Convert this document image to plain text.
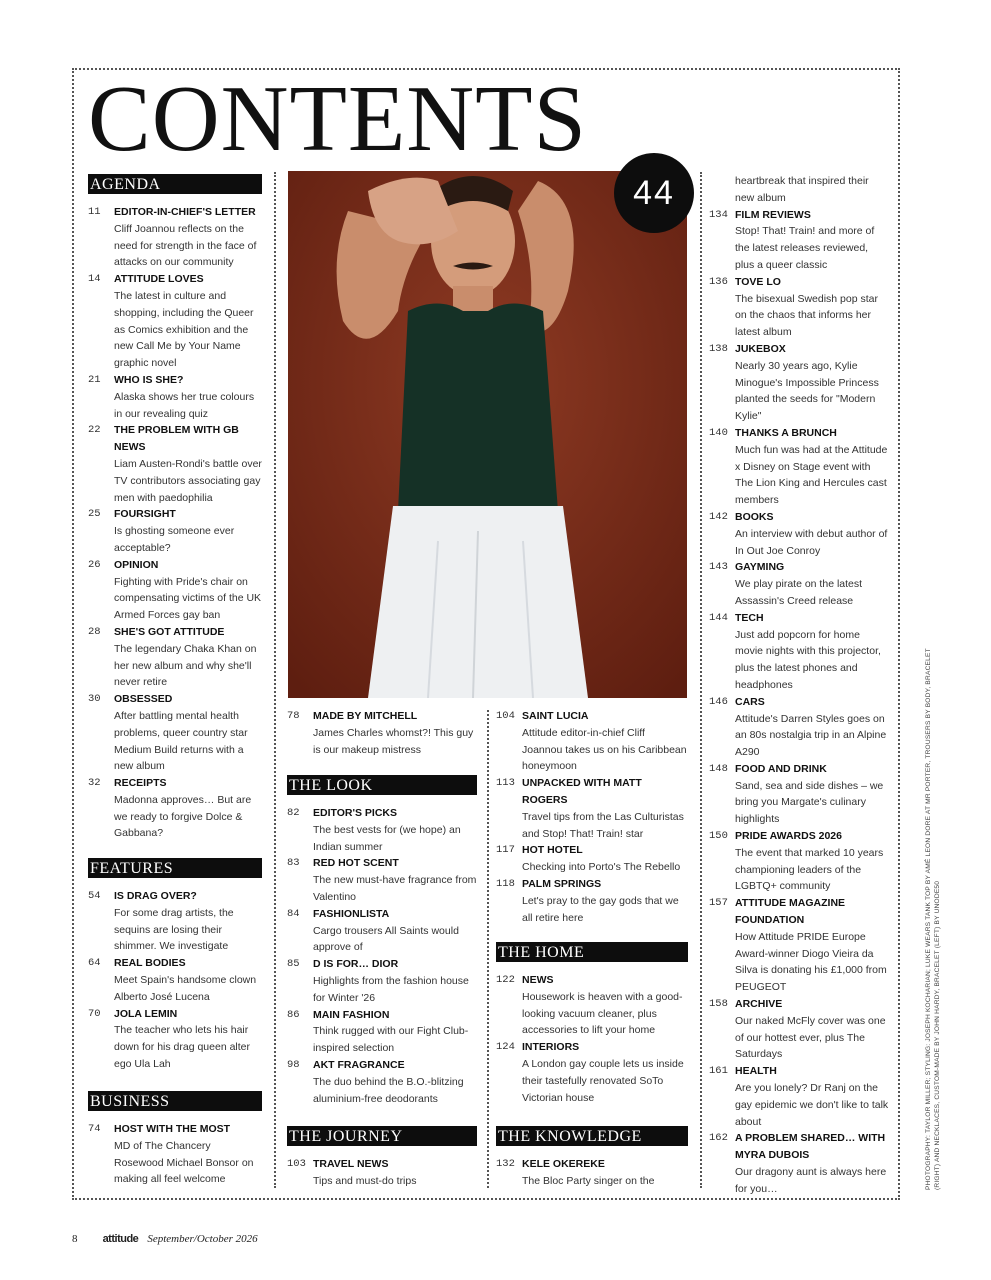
CONTENTS
AGENDA

11 EDITOR-IN-CHIEF'S LETTER
Cliff Joannou reflects on the need for strength in the face of attacks on our community

14 ATTITUDE LOVES
The latest in culture and shopping, including the Queer as Comics exhibition and the new Call Me by Your Name graphic novel

21 WHO IS SHE?
Alaska shows her true colours in our revealing quiz

22 THE PROBLEM WITH GB NEWS
Liam Austen-Rondi's battle over TV contributors associating gay men with paedophilia

25 FOURSIGHT
Is ghosting someone ever acceptable?

26 OPINION
Fighting with Pride's chair on compensating victims of the UK Armed Forces gay ban

28 SHE'S GOT ATTITUDE
The legendary Chaka Khan on her new album and why she'll never retire

30 OBSESSED
After battling mental health problems, queer country star Medium Build returns with a new album

32 RECEIPTS
Madonna approves… But are we ready to forgive Dolce & Gabbana?

FEATURES

54 IS DRAG OVER?
For some drag artists, the sequins are losing their shimmer. We investigate

64 REAL BODIES
Meet Spain's handsome clown Alberto José Lucena

70 JOLA LEMIN
The teacher who lets his hair down for his drag queen alter ego Ula Lah

BUSINESS

74 HOST WITH THE MOST
MD of The Chancery Rosewood Michael Bonsor on making all feel welcome

44

78 MADE BY MITCHELL
James Charles whomst?! This guy is our makeup mistress

THE LOOK

82 EDITOR'S PICKS
The best vests for (we hope) an Indian summer

83 RED HOT SCENT
The new must-have fragrance from Valentino

84 FASHIONLISTA
Cargo trousers All Saints would approve of

85 D IS FOR… DIOR
Highlights from the fashion house for Winter '26

86 MAIN FASHION
Think rugged with our Fight Club-inspired selection

98 AKT FRAGRANCE
The duo behind the B.O.-blitzing aluminium-free deodorants

THE JOURNEY

103 TRAVEL NEWS
Tips and must-do trips

104 SAINT LUCIA
Attitude editor-in-chief Cliff Joannou takes us on his Caribbean honeymoon

113 UNPACKED WITH MATT ROGERS
Travel tips from the Las Culturistas and Stop! That! Train! star

117 HOT HOTEL
Checking into Porto's The Rebello

118 PALM SPRINGS
Let's pray to the gay gods that we all retire here

THE HOME

122 NEWS
Housework is heaven with a good-looking vacuum cleaner, plus accessories to lift your home

124 INTERIORS
A London gay couple lets us inside their tastefully renovated SoTo Victorian house

THE KNOWLEDGE

132 KELE OKEREKE
The Bloc Party singer on the

heartbreak that inspired their new album

134 FILM REVIEWS
Stop! That! Train! and more of the latest releases reviewed, plus a queer classic

136 TOVE LO
The bisexual Swedish pop star on the chaos that informs her latest album

138 JUKEBOX
Nearly 30 years ago, Kylie Minogue's Impossible Princess planted the seeds for "Modern Kylie"

140 THANKS A BRUNCH
Much fun was had at the Attitude x Disney on Stage event with The Lion King and Hercules cast members

142 BOOKS
An interview with debut author of In Out Joe Conroy

143 GAYMING
We play pirate on the latest Assassin's Creed release

144 TECH
Just add popcorn for home movie nights with this projector, plus the latest phones and headphones

146 CARS
Attitude's Darren Styles goes on an 80s nostalgia trip in an Alpine A290

148 FOOD AND DRINK
Sand, sea and side dishes – we bring you Margate's culinary highlights

150 PRIDE AWARDS 2026
The event that marked 10 years championing leaders of the LGBTQ+ community

157 ATTITUDE MAGAZINE FOUNDATION
How Attitude PRIDE Europe Award-winner Diogo Vieira da Silva is donating his £1,000 from PEUGEOT

158 ARCHIVE
Our naked McFly cover was one of our hottest ever, plus The Saturdays

161 HEALTH
Are you lonely? Dr Ranj on the gay epidemic we don't like to talk about

162 A PROBLEM SHARED… WITH MYRA DUBOIS
Our dragony aunt is always here for you…	PHOTOGRAPHY: TAYLOR MILLER; STYLING: JOSEPH KOCHARIAN; LUKE WEARS TANK TOP BY AMÉ LEON DORE AT MR PORTER, TROUSERS BY BODY, BRACELET (RIGHT) AND NECKLACES, CUSTOM-MADE BY JOHN HARDY, BRACELET (LEFT) BY UNODE50
8 attitude September/October 2026
